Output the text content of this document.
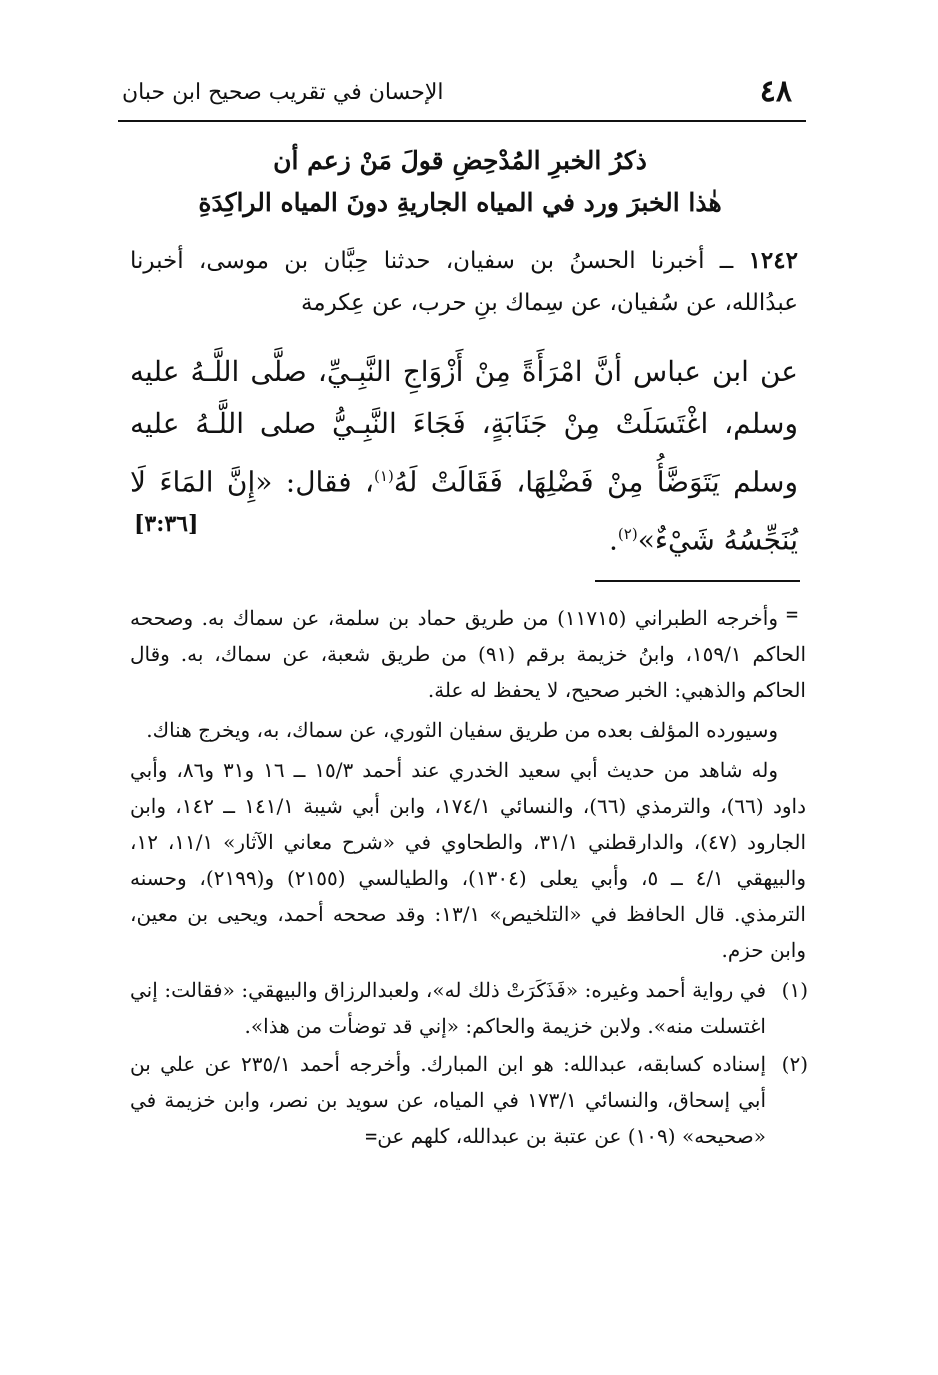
٤٨
الإحسان في تقريب صحيح ابن حبان
ذكرُ الخبرِ المُدْحِضِ قولَ مَنْ زعم أن
هٰذا الخبرَ ورد في المياه الجاريةِ دونَ المياه الراكِدَةِ
١٢٤٢ ــ أخبرنا الحسنُ بن سفيان، حدثنا حِبَّان بن موسى، أخبرنا عبدُالله، عن سُفيان، عن سِماك بنِ حرب، عن عِكرمة
عن ابن عباس أنَّ امْرَأَةً مِنْ أَزْوَاجِ النَّبِـيِّ، صلَّى اللَّـهُ عليه وسلم، اغْتَسَلَتْ مِنْ جَنَابَةٍ، فَجَاءَ النَّبِـيُّ صلى اللَّـهُ عليه وسلم يَتَوَضَّأُ مِنْ فَضْلِهَا، فَقَالَتْ لَهُ$^{(١)}$، فقال: «إِنَّ المَاءَ لَا يُنَجِّسُهُ شَيْءٌ»$^{(٢)}$.
[٣:٣٦]
=

وأخرجه الطبراني (١١٧١٥) من طريق حماد بن سلمة، عن سماك به. وصححه الحاكم ١٥٩/١، وابنُ خزيمة برقم (٩١) من طريق شعبة، عن سماك، به. وقال الحاكم والذهبي: الخبر صحيح، لا يحفظ له علة.

وسيورده المؤلف بعده من طريق سفيان الثوري، عن سماك، به، ويخرج هناك.

وله شاهد من حديث أبي سعيد الخدري عند أحمد ١٥/٣ ــ ١٦ و٣١ و٨٦، وأبي داود (٦٦)، والترمذي (٦٦)، والنسائي ١٧٤/١، وابن أبي شيبة ١٤١/١ ــ ١٤٢، وابن الجارود (٤٧)، والدارقطني ٣١/١، والطحاوي في «شرح معاني الآثار» ١١/١، ١٢، والبيهقي ٤/١ ــ ٥، وأبي يعلى (١٣٠٤)، والطيالسي (٢١٥٥) و(٢١٩٩)، وحسنه الترمذي. قال الحافظ في «التلخيص» ١٣/١: وقد صححه أحمد، ويحيى بن معين، وابن حزم.

(١)
في رواية أحمد وغيره: «فَذَكَرَتْ ذلك له»، ولعبدالرزاق والبيهقي: «فقالت: إني اغتسلت منه». ولابن خزيمة والحاكم: «إني قد توضأت من هذا».
(٢)
إسناده كسابقه، عبدالله: هو ابن المبارك. وأخرجه أحمد ٢٣٥/١ عن علي بن أبي إسحاق، والنسائي ١٧٣/١ في المياه، عن سويد بن نصر، وابن خزيمة في «صحيحه» (١٠٩) عن عتبة بن عبدالله، كلهم عن=
